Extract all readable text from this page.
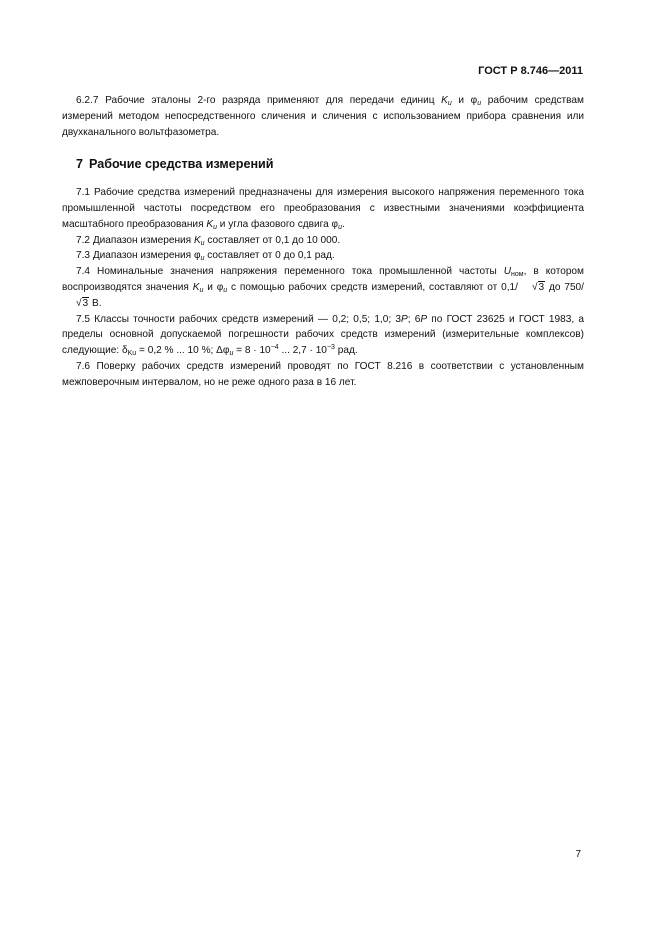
ГОСТ Р 8.746—2011

6.2.7 Рабочие эталоны 2-го разряда применяют для передачи единиц $K_u$ и $\varphi_u$ рабочим средствам измерений методом непосредственного сличения и сличения с использованием прибора сравнения или двухканального вольтфазометра.

7 Рабочие средства измерений

7.1 Рабочие средства измерений предназначены для измерения высокого напряжения переменного тока промышленной частоты посредством его преобразования с известными значениями коэффициента масштабного преобразования $K_u$ и угла фазового сдвига $\varphi_u$.

7.2 Диапазон измерения $K_u$ составляет от 0,1 до 10 000.

7.3 Диапазон измерения $\varphi_u$ составляет от 0 до 0,1 рад.

7.4 Номинальные значения напряжения переменного тока промышленной частоты $U_{ном}$, в котором воспроизводятся значения $K_u$ и $\varphi_u$ с помощью рабочих средств измерений, составляют от 0,1/ √3 до 750/√3 В.

7.5 Классы точности рабочих средств измерений — 0,2; 0,5; 1,0; 3P; 6P по ГОСТ 23625 и ГОСТ 1983, а пределы основной допускаемой погрешности рабочих средств измерений (измерительные комплексов) следующие: $\delta_{Ku} = 0,2$ % ... 10 %; $\Delta\varphi_u = 8 \cdot 10^{-4}$ ... $2,7 \cdot 10^{-3}$ рад.

7.6 Поверку рабочих средств измерений проводят по ГОСТ 8.216 в соответствии с установленным межповерочным интервалом, но не реже одного раза в 16 лет.

7
